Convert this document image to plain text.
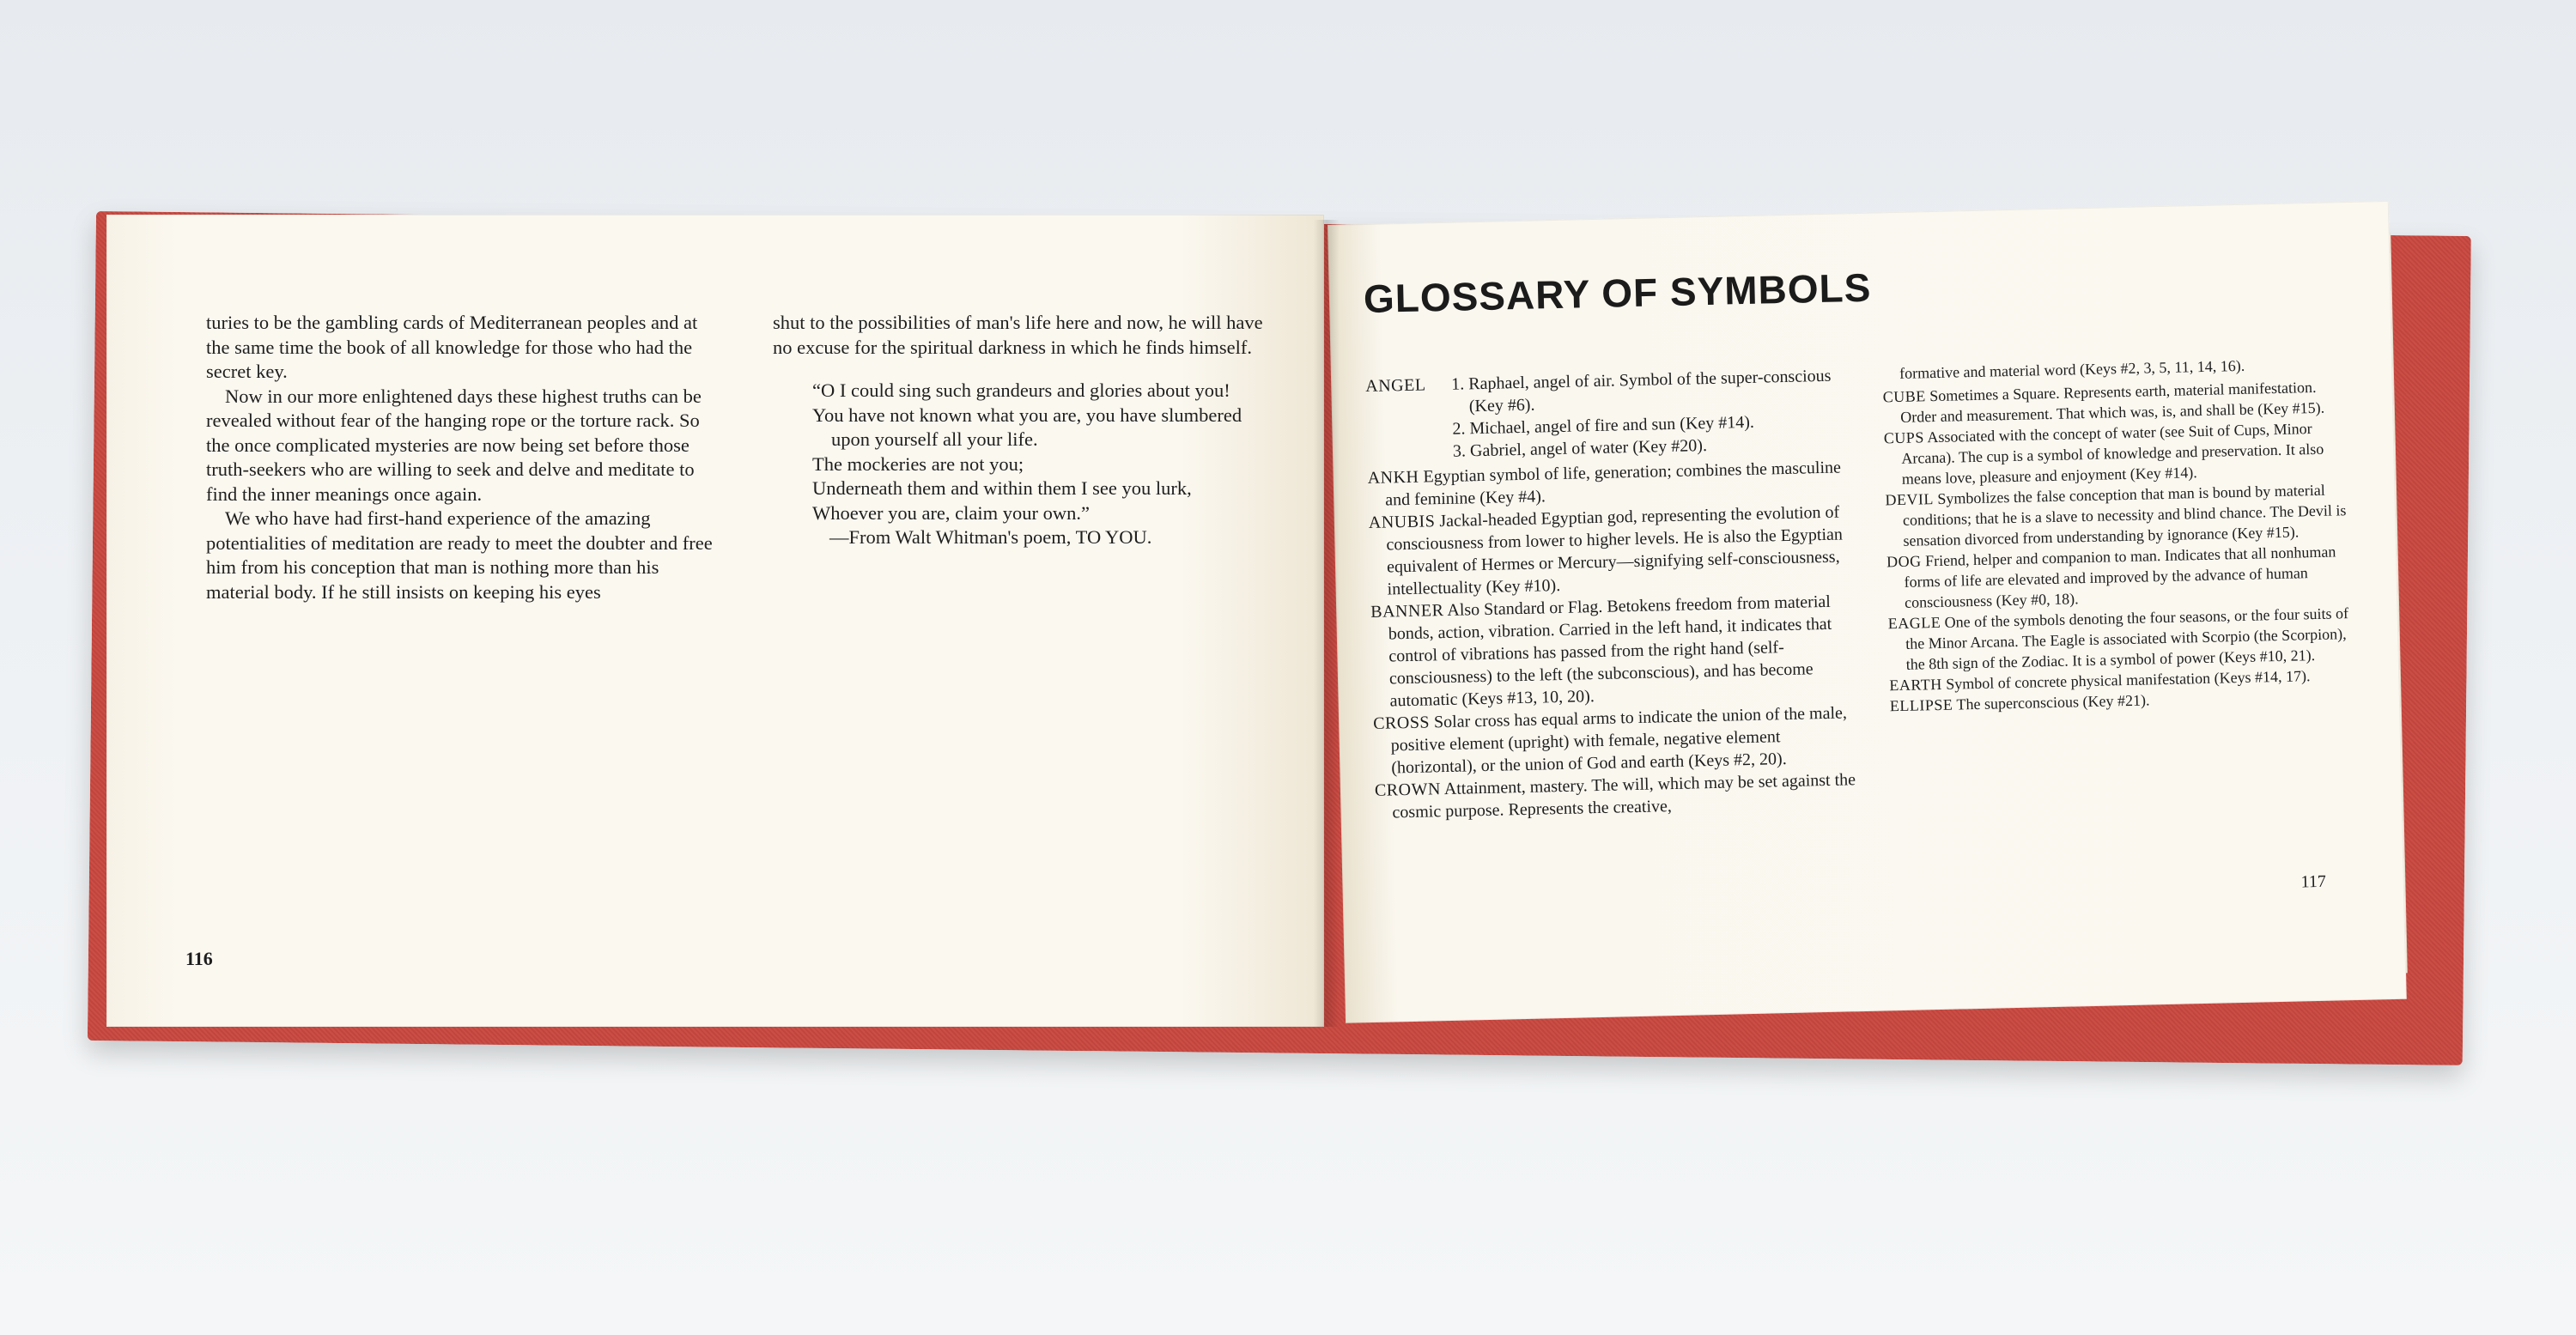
turies to be the gambling cards of Mediterranean peoples and at the same time the book of all knowledge for those who had the secret key.

Now in our more enlightened days these highest truths can be revealed without fear of the hanging rope or the torture rack. So the once complicated mysteries are now being set before those truth-seekers who are willing to seek and delve and meditate to find the inner meanings once again.

We who have had first-hand experience of the amazing potentialities of meditation are ready to meet the doubter and free him from his conception that man is nothing more than his material body. If he still insists on keeping his eyes

shut to the possibilities of man's life here and now, he will have no excuse for the spiritual darkness in which he finds himself.

“O I could sing such grandeurs and glories about you!

You have not known what you are, you have slumbered upon yourself all your life.

The mockeries are not you;

Underneath them and within them I see you lurk,

Whoever you are, claim your own.”

—From Walt Whitman's poem, TO YOU.

116
GLOSSARY OF SYMBOLS
ANGEL 1. Raphael, angel of air. Symbol of the super-conscious (Key #6).

2. Michael, angel of fire and sun (Key #14).

3. Gabriel, angel of water (Key #20).

ANKH Egyptian symbol of life, generation; combines the masculine and feminine (Key #4).

ANUBIS Jackal-headed Egyptian god, representing the evolution of consciousness from lower to higher levels. He is also the Egyptian equivalent of Hermes or Mercury—signifying self-consciousness, intellectuality (Key #10).

BANNER Also Standard or Flag. Betokens freedom from material bonds, action, vibration. Carried in the left hand, it indicates that control of vibrations has passed from the right hand (self-consciousness) to the left (the subconscious), and has become automatic (Keys #13, 10, 20).

CROSS Solar cross has equal arms to indicate the union of the male, positive element (upright) with female, negative element (horizontal), or the union of God and earth (Keys #2, 20).

CROWN Attainment, mastery. The will, which may be set against the cosmic purpose. Represents the creative,

formative and material word (Keys #2, 3, 5, 11, 14, 16).

CUBE Sometimes a Square. Represents earth, material manifestation. Order and measurement. That which was, is, and shall be (Key #15).

CUPS Associated with the concept of water (see Suit of Cups, Minor Arcana). The cup is a symbol of knowledge and preservation. It also means love, pleasure and enjoyment (Key #14).

DEVIL Symbolizes the false conception that man is bound by material conditions; that he is a slave to necessity and blind chance. The Devil is sensation divorced from understanding by ignorance (Key #15).

DOG Friend, helper and companion to man. Indicates that all nonhuman forms of life are elevated and improved by the advance of human consciousness (Key #0, 18).

EAGLE One of the symbols denoting the four seasons, or the four suits of the Minor Arcana. The Eagle is associated with Scorpio (the Scorpion), the 8th sign of the Zodiac. It is a symbol of power (Keys #10, 21).

EARTH Symbol of concrete physical manifestation (Keys #14, 17).

ELLIPSE The superconscious (Key #21).

117
